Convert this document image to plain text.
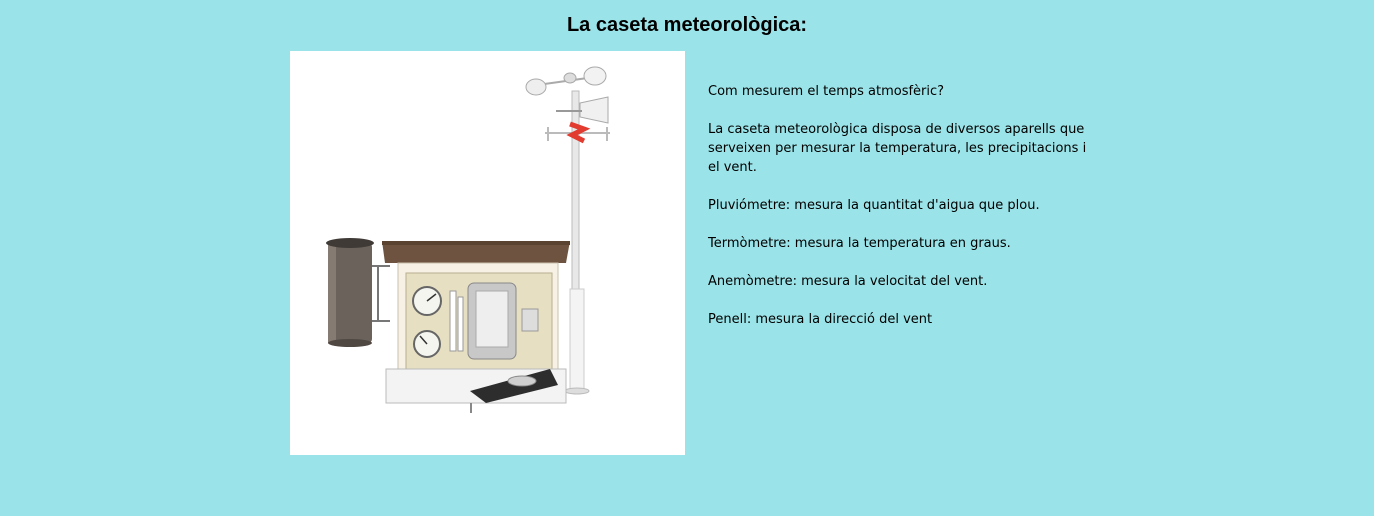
La caseta meteorològica:

Com mesurem el temps atmosfèric?

La caseta meteorològica disposa de diversos aparells que serveixen per mesurar la temperatura, les precipitacions i el vent.

Pluviómetre: mesura la quantitat d'aigua que plou.

Termòmetre: mesura la temperatura en graus.

Anemòmetre: mesura la velocitat del vent.

Penell: mesura la direcció del vent
